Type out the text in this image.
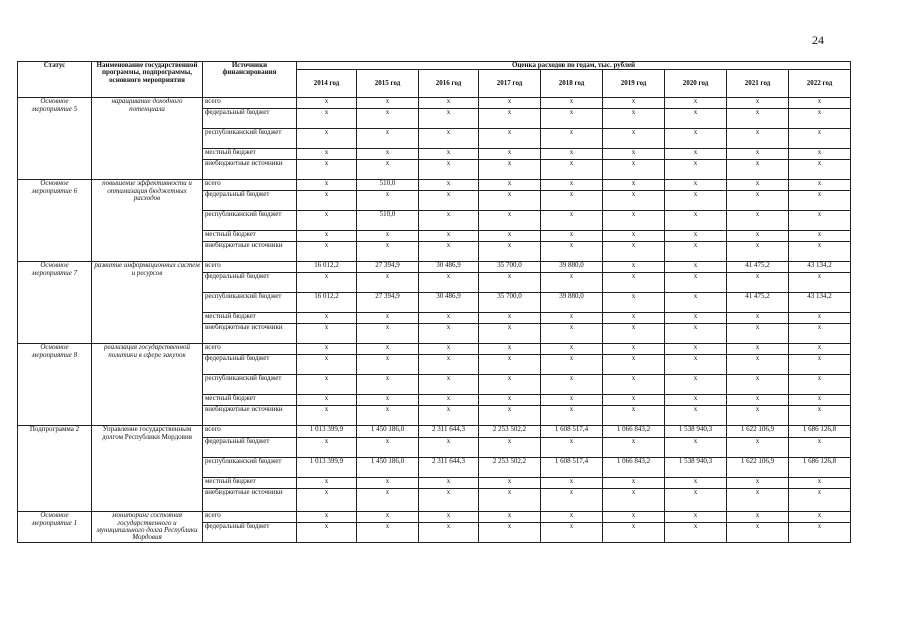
24
Статус	Наименование государственной программы, подпрограммы, основного мероприятия	Источники финансирования	Оценка расходов по годам, тыс. рублей								
			2014 год	2015 год	2016 год	2017 год	2018 год	2019 год	2020 год	2021 год	2022 год
Основное мероприятие 5	наращивание доходного потенциала	всего	x	x	x	x	x	x	x	x	x
		федеральный бюджет	x	x	x	x	x	x	x	x	x
		республиканский бюджет	x	x	x	x	x	x	x	x	x
		местный бюджет	x	x	x	x	x	x	x	x	x
		внебюджетные источники	x	x	x	x	x	x	x	x	x
Основное мероприятие 6	повышение эффективности и оптимизация бюджетных расходов	всего	x	510,0	x	x	x	x	x	x	x
		федеральный бюджет	x	x	x	x	x	x	x	x	x
		республиканский бюджет	x	510,0	x	x	x	x	x	x	x
		местный бюджет	x	x	x	x	x	x	x	x	x
		внебюджетные источники	x	x	x	x	x	x	x	x	x
Основное мероприятие 7	развитие информационных систем и ресурсов	всего	16 012,2	27 394,9	30 486,9	35 700,0	39 880,0	x	x	41 475,2	43 134,2
		федеральный бюджет	x	x	x	x	x	x	x	x	x
		республиканский бюджет	16 012,2	27 394,9	30 486,9	35 700,0	39 880,0	x	x	41 475,2	43 134,2
		местный бюджет	x	x	x	x	x	x	x	x	x
		внебюджетные источники	x	x	x	x	x	x	x	x	x
Основное мероприятие 8	реализация государственной политики в сфере закупок	всего	x	x	x	x	x	x	x	x	x
		федеральный бюджет	x	x	x	x	x	x	x	x	x
		республиканский бюджет	x	x	x	x	x	x	x	x	x
		местный бюджет	x	x	x	x	x	x	x	x	x
		внебюджетные источники	x	x	x	x	x	x	x	x	x
Подпрограмма 2	Управление государственным долгом Республики Мордовия	всего	1 013 399,9	1 450 186,0	2 311 644,3	2 253 502,2	1 608 517,4	1 066 843,2	1 538 940,3	1 622 106,9	1 686 126,8
		федеральный бюджет	x	x	x	x	x	x	x	x	x
		республиканский бюджет	1 013 399,9	1 450 186,0	2 311 644,3	2 253 502,2	1 608 517,4	1 066 843,2	1 538 940,3	1 622 106,9	1 686 126,8
		местный бюджет	x	x	x	x	x	x	x	x	x
		внебюджетные источники	x	x	x	x	x	x	x	x	x
Основное мероприятие 1	мониторинг состояния государственного и муниципального долга Республики Мордовия	всего	x	x	x	x	x	x	x	x	x
		федеральный бюджет	x	x	x	x	x	x	x	x	x
